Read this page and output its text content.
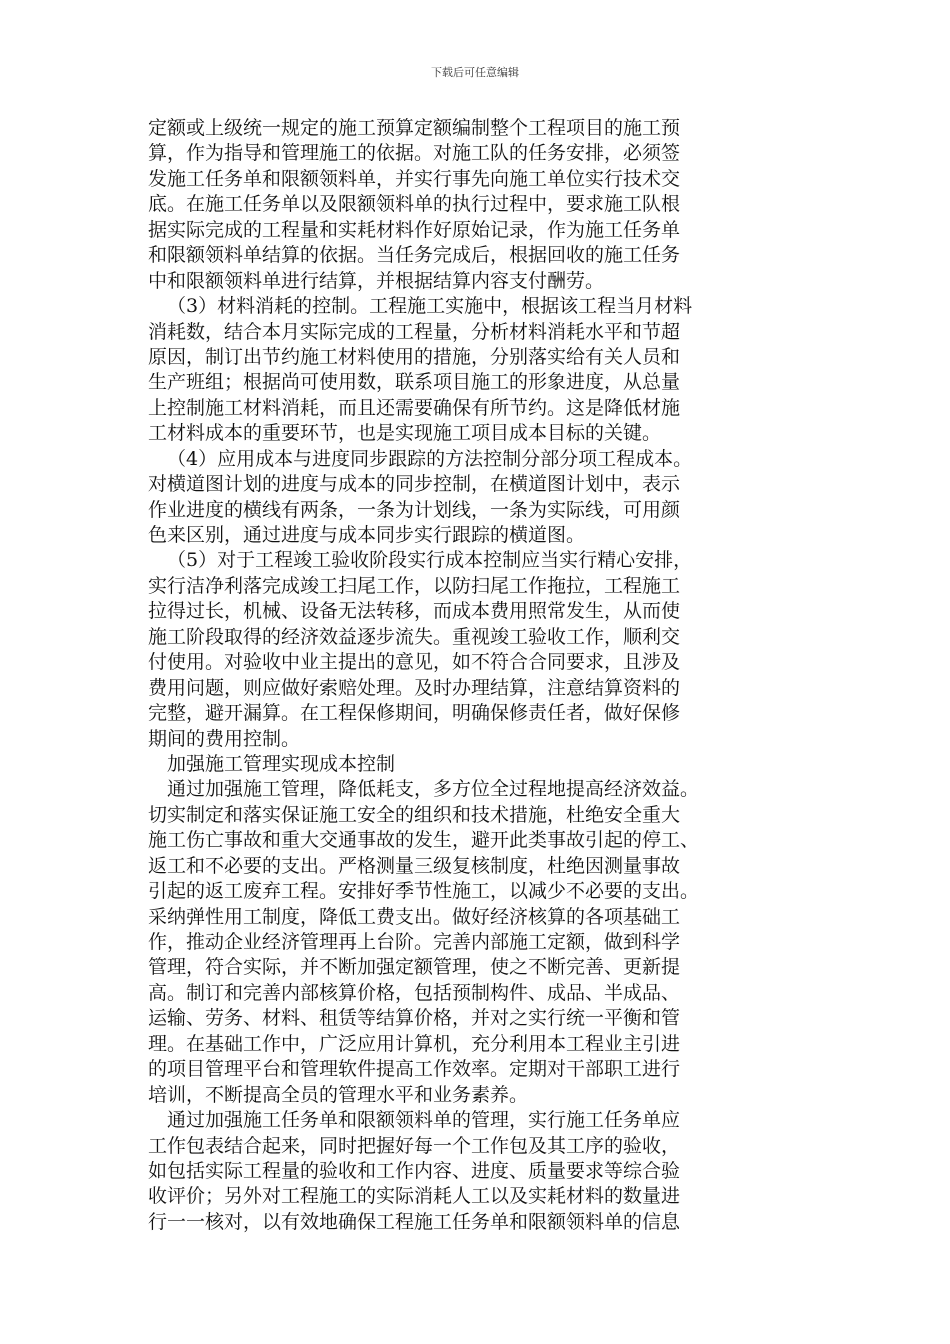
下载后可任意编辑
定额或上级统一规定的施工预算定额编制整个工程项目的施工预
算，作为指导和管理施工的依据。对施工队的任务安排，必须签
发施工任务单和限额领料单，并实行事先向施工单位实行技术交
底。在施工任务单以及限额领料单的执行过程中，要求施工队根
据实际完成的工程量和实耗材料作好原始记录，作为施工任务单
和限额领料单结算的依据。当任务完成后，根据回收的施工任务
中和限额领料单进行结算，并根据结算内容支付酬劳。
（3）材料消耗的控制。工程施工实施中，根据该工程当月材料
消耗数，结合本月实际完成的工程量，分析材料消耗水平和节超
原因，制订出节约施工材料使用的措施，分别落实给有关人员和
生产班组；根据尚可使用数，联系项目施工的形象进度，从总量
上控制施工材料消耗，而且还需要确保有所节约。这是降低材施
工材料成本的重要环节，也是实现施工项目成本目标的关键。
（4）应用成本与进度同步跟踪的方法控制分部分项工程成本。
对横道图计划的进度与成本的同步控制，在横道图计划中，表示
作业进度的横线有两条，一条为计划线，一条为实际线，可用颜
色来区别，通过进度与成本同步实行跟踪的横道图。
（5）对于工程竣工验收阶段实行成本控制应当实行精心安排，
实行洁净利落完成竣工扫尾工作，以防扫尾工作拖拉，工程施工
拉得过长，机械、设备无法转移，而成本费用照常发生，从而使
施工阶段取得的经济效益逐步流失。重视竣工验收工作，顺利交
付使用。对验收中业主提出的意见，如不符合合同要求，且涉及
费用问题，则应做好索赔处理。及时办理结算，注意结算资料的
完整，避开漏算。在工程保修期间，明确保修责任者，做好保修
期间的费用控制。
加强施工管理实现成本控制
通过加强施工管理，降低耗支，多方位全过程地提高经济效益。
切实制定和落实保证施工安全的组织和技术措施，杜绝安全重大
施工伤亡事故和重大交通事故的发生，避开此类事故引起的停工、
返工和不必要的支出。严格测量三级复核制度，杜绝因测量事故
引起的返工废弃工程。安排好季节性施工，以减少不必要的支出。
采纳弹性用工制度，降低工费支出。做好经济核算的各项基础工
作，推动企业经济管理再上台阶。完善内部施工定额，做到科学
管理，符合实际，并不断加强定额管理，使之不断完善、更新提
高。制订和完善内部核算价格，包括预制构件、成品、半成品、
运输、劳务、材料、租赁等结算价格，并对之实行统一平衡和管
理。在基础工作中，广泛应用计算机，充分利用本工程业主引进
的项目管理平台和管理软件提高工作效率。定期对干部职工进行
培训，不断提高全员的管理水平和业务素养。
通过加强施工任务单和限额领料单的管理，实行施工任务单应
工作包表结合起来，同时把握好每一个工作包及其工序的验收，
如包括实际工程量的验收和工作内容、进度、质量要求等综合验
收评价；另外对工程施工的实际消耗人工以及实耗材料的数量进
行一一核对，以有效地确保工程施工任务单和限额领料单的信息
